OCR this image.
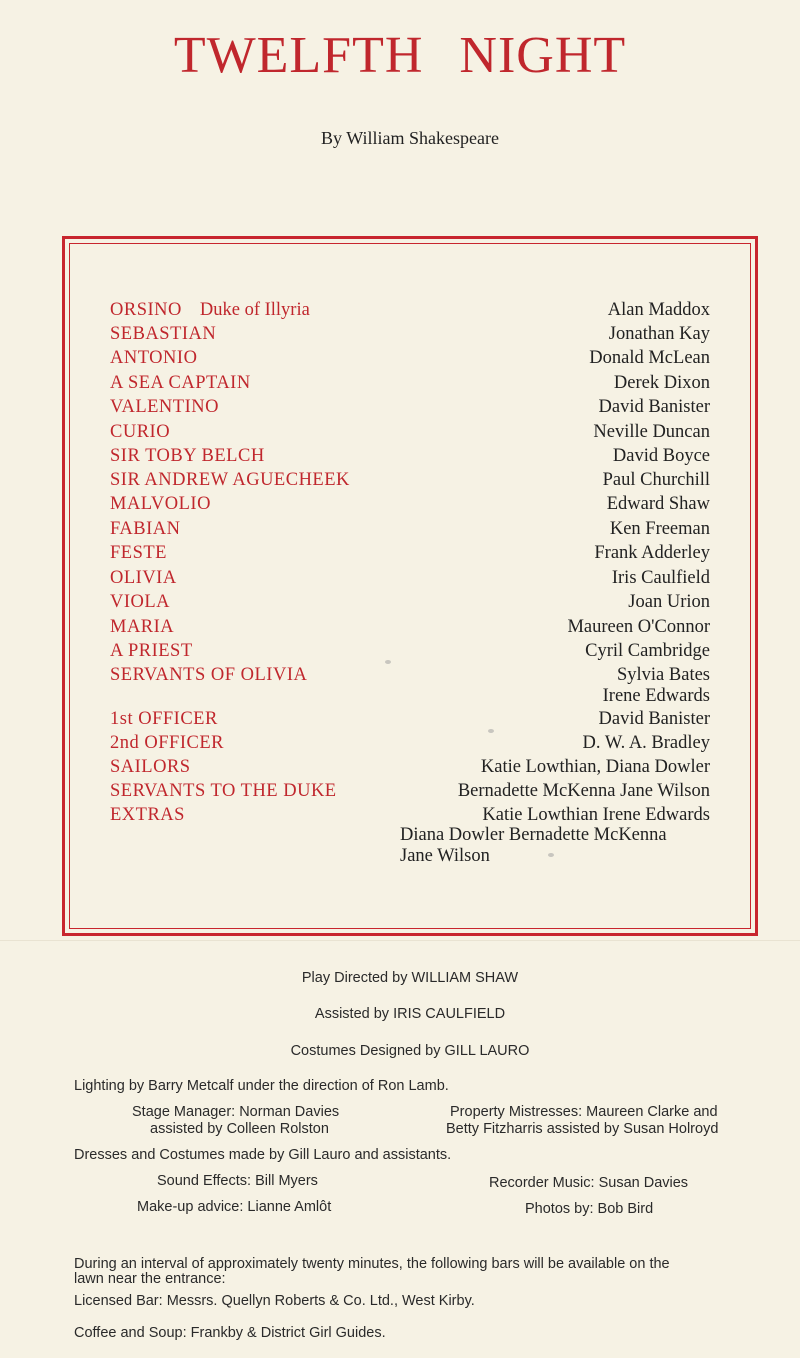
TWELFTH NIGHT
By William Shakespeare
ORSINO Duke of Illyria	Alan Maddox
SEBASTIAN	Jonathan Kay
ANTONIO	Donald McLean
A SEA CAPTAIN	Derek Dixon
VALENTINO	David Banister
CURIO	Neville Duncan
SIR TOBY BELCH	David Boyce
SIR ANDREW AGUECHEEK	Paul Churchill
MALVOLIO	Edward Shaw
FABIAN	Ken Freeman
FESTE	Frank Adderley
OLIVIA	Iris Caulfield
VIOLA	Joan Urion
MARIA	Maureen O'Connor
A PRIEST	Cyril Cambridge
SERVANTS OF OLIVIA	Sylvia Bates
Irene Edwards
1st OFFICER	David Banister
2nd OFFICER	D. W. A. Bradley
SAILORS	Katie Lowthian, Diana Dowler
SERVANTS TO THE DUKE	Bernadette McKenna Jane Wilson
EXTRAS	Katie Lowthian Irene Edwards
Diana Dowler Bernadette McKenna
Jane Wilson
Play Directed by WILLIAM SHAW
Assisted by IRIS CAULFIELD
Costumes Designed by GILL LAURO
Lighting by Barry Metcalf under the direction of Ron Lamb.
Stage Manager: Norman Davies
assisted by Colleen Rolston
Property Mistresses: Maureen Clarke and
Betty Fitzharris assisted by Susan Holroyd
Dresses and Costumes made by Gill Lauro and assistants.
Sound Effects: Bill Myers	Recorder Music: Susan Davies
Make-up advice: Lianne Amlôt	Photos by: Bob Bird
During an interval of approximately twenty minutes, the following bars will be available on the
lawn near the entrance:
Licensed Bar: Messrs. Quellyn Roberts & Co. Ltd., West Kirby.
Coffee and Soup: Frankby & District Girl Guides.
